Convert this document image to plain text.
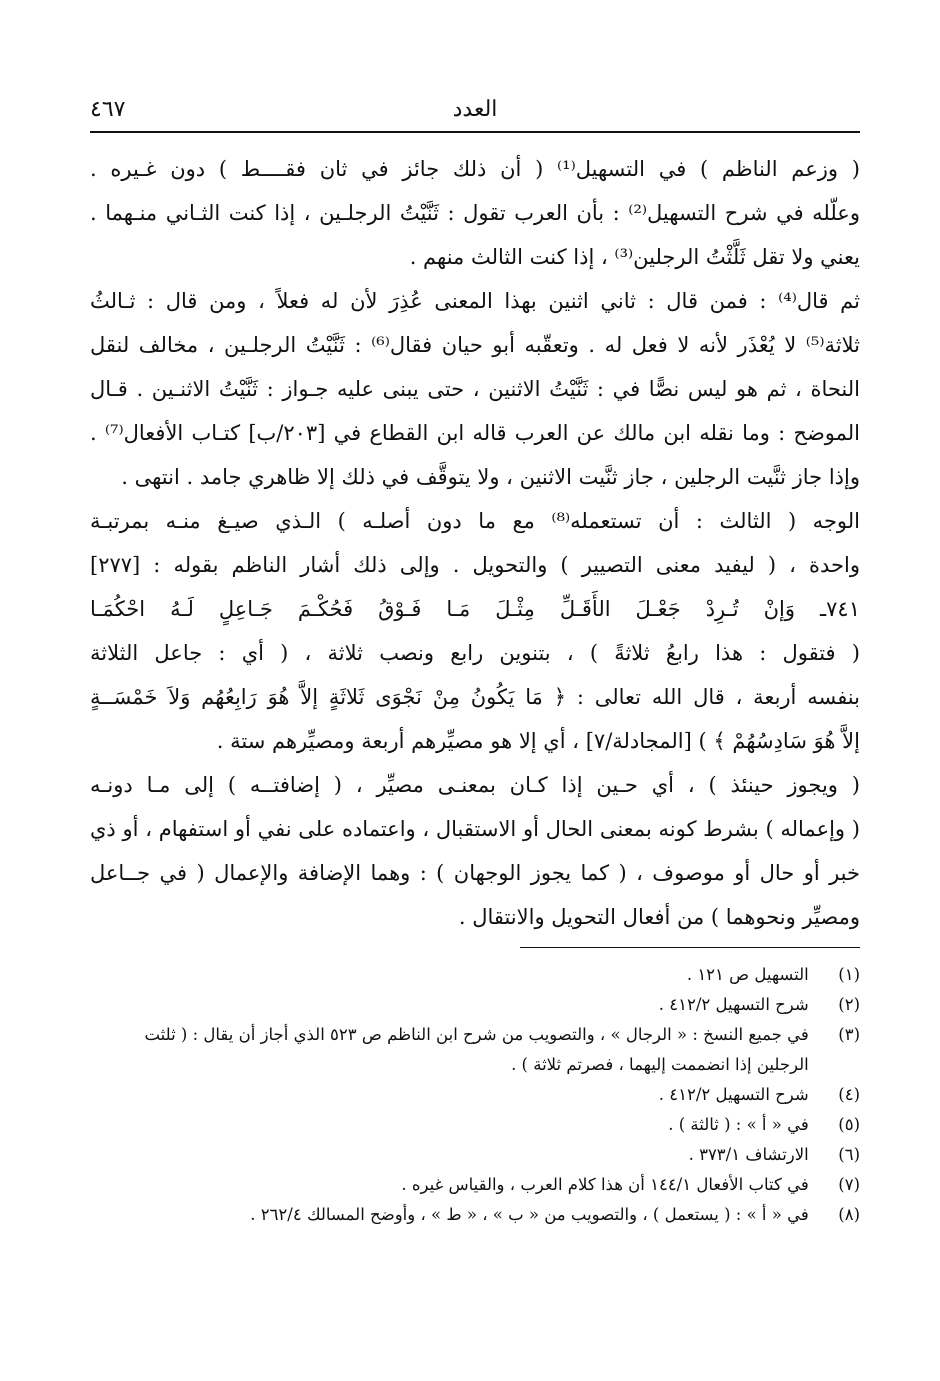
العدد
٤٦٧
( وزعم الناظم ) في التسهيل⁽¹⁾ ( أن ذلك جائز في ثان فقــــط ) دون غـيره .
وعلّله في شرح التسهيل⁽²⁾ : بأن العرب تقول : ثَنَّيْتُ الرجلـين ، إذا كنت الثـاني منـهما .
يعني ولا تقل ثَلَّثْتُ الرجلين⁽³⁾ ، إذا كنت الثالث منهم .
ثم قال⁽⁴⁾ : فمن قال : ثاني اثنين بهذا المعنى عُذِرَ لأن له فعلاً ، ومن قال : ثـالثُ
ثلاثة⁽⁵⁾ لا يُعْذَر لأنه لا فعل له . وتعقّبه أبو حيان فقال⁽⁶⁾ : ثَنَّيْتُ الرجلـين ، مخالف لنقل
النحاة ، ثم هو ليس نصًّا في : ثَنَّيْتُ الاثنين ، حتى يبنى عليه جـواز : ثَنَّيْتُ الاثنـين . قـال
الموضح : وما نقله ابن مالك عن العرب قاله ابن القطاع في [٢٠٣/ب] كتـاب الأفعال⁽⁷⁾ .
وإذا جاز ثنَّيت الرجلين ، جاز ثنَّيت الاثنين ، ولا يتوقَّف في ذلك إلا ظاهري جامد . انتهى .
الوجه ( الثالث : أن تستعمله⁽⁸⁾ مع ما دون أصلـه ) الـذي صيـغ منـه بمرتبـة
واحدة ، ( ليفيد معنى التصيير ) والتحويل . وإلى ذلك أشار الناظم بقوله : [٢٧٧]
٧٤١ـ وَإنْ تُـرِدْ جَعْـلَ الأَقَـلِّ مِثْـلَ مَـا فَـوْقُ فَحُكْـمَ جَـاعِلٍ لَـهُ احْكُمَـا
( فتقول : هذا رابعُ ثلاثةً ) ، بتنوين رابع ونصب ثلاثة ، ( أي : جاعل الثلاثة
بنفسه أربعة ، قال الله تعالى : ﴿ مَا يَكُونُ مِنْ نَجْوَى ثَلاثَةٍ إلاَّ هُوَ رَابِعُهُم وَلاَ خَمْسَــةٍ
إلاَّ هُوَ سَادِسُهُمْ ﴾ ) [المجادلة/٧] ، أي إلا هو مصيِّرهم أربعة ومصيِّرهم ستة .
( ويجوز حينئذ ) ، أي حـين إذا كـان بمعنـى مصيِّر ، ( إضافتــه ) إلى مـا دونـه
( وإعماله ) بشرط كونه بمعنى الحال أو الاستقبال ، واعتماده على نفي أو استفهام ، أو ذي
خبر أو حال أو موصوف ، ( كما يجوز الوجهان ) : وهما الإضافة والإعمال ( في جــاعل
ومصيِّر ونحوهما ) من أفعال التحويل والانتقال .
(١) التسهيل ص ١٢١ .
(٢) شرح التسهيل ٤١٢/٢ .
(٣) في جميع النسخ : « الرجال » ، والتصويب من شرح ابن الناظم ص ٥٢٣ الذي أجاز أن يقال : ( ثلثت
الرجلين إذا انضممت إليهما ، فصرتم ثلاثة ) .
(٤) شرح التسهيل ٤١٢/٢ .
(٥) في « أ » : ( ثالثة ) .
(٦) الارتشاف ٣٧٣/١ .
(٧) في كتاب الأفعال ١٤٤/١ أن هذا كلام العرب ، والقياس غيره .
(٨) في « أ » : ( يستعمل ) ، والتصويب من « ب » ، « ط » ، وأوضح المسالك ٢٦٢/٤ .
